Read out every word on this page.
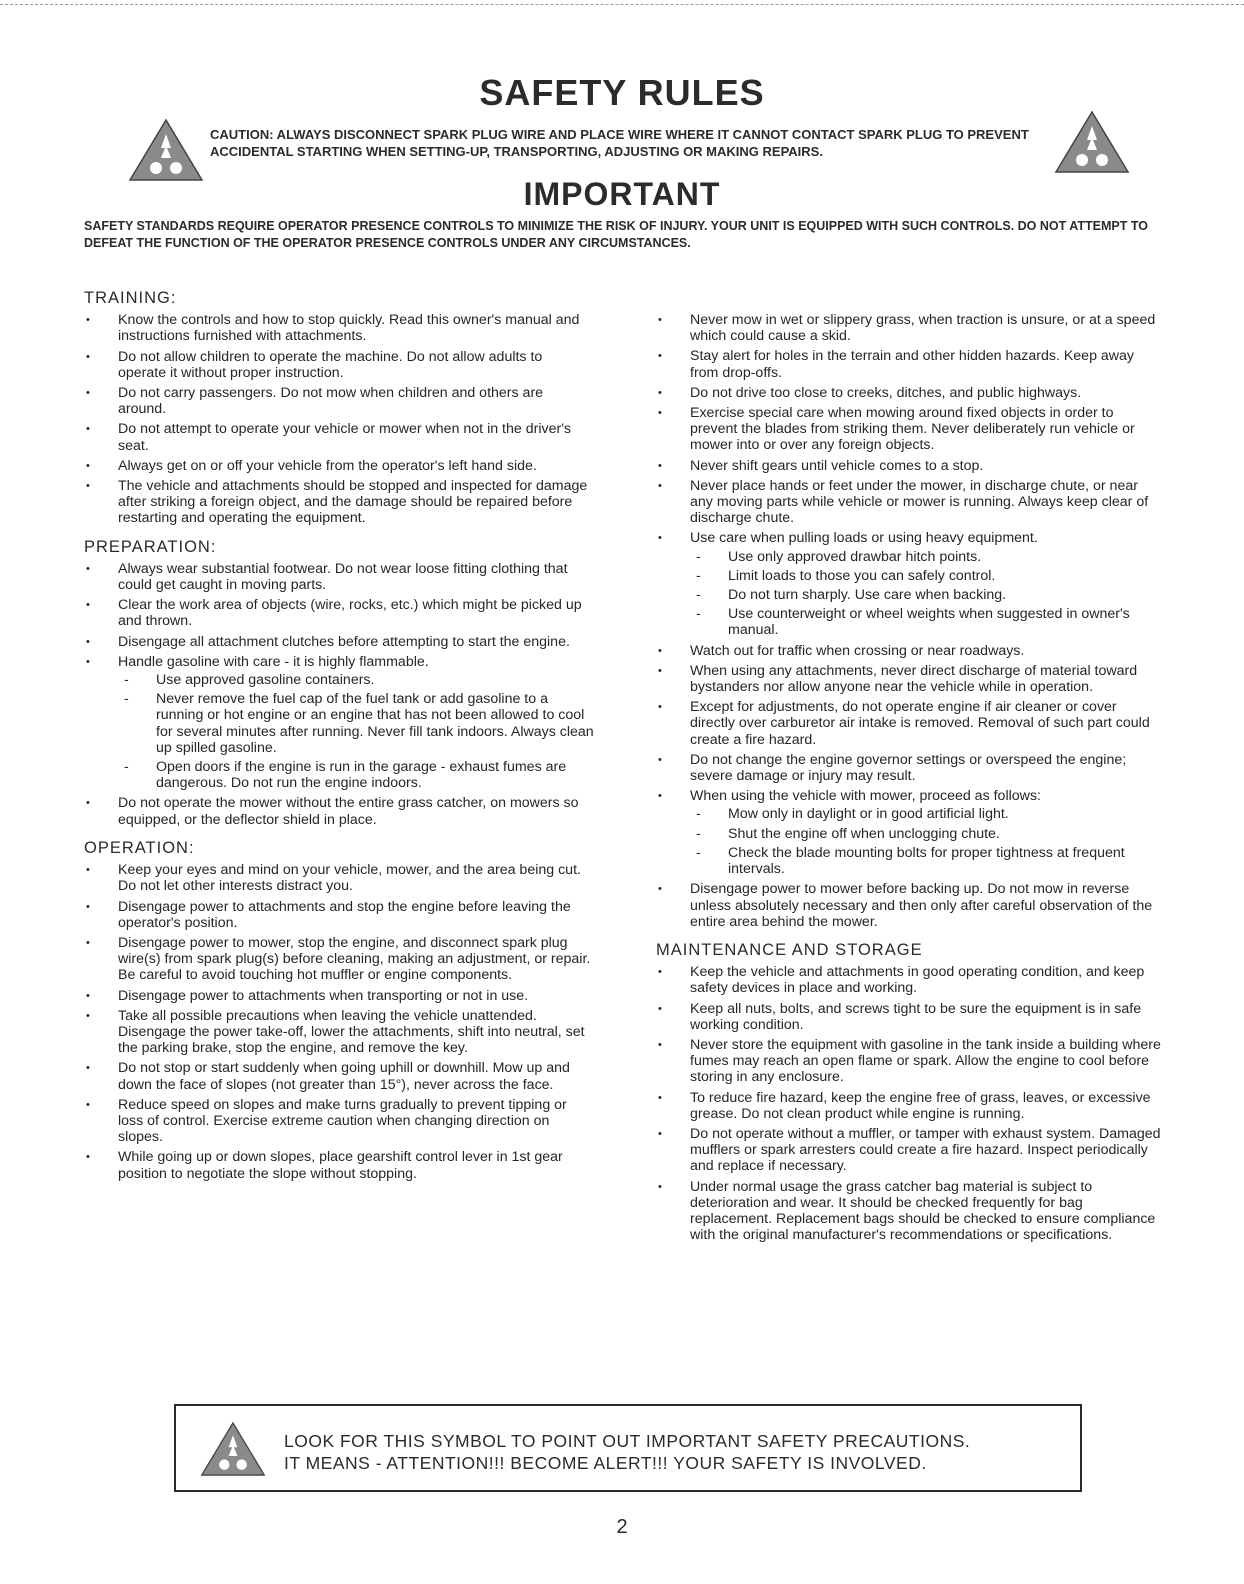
SAFETY RULES
CAUTION: ALWAYS DISCONNECT SPARK PLUG WIRE AND PLACE WIRE WHERE IT CANNOT CONTACT SPARK PLUG TO PREVENT ACCIDENTAL STARTING WHEN SETTING-UP, TRANSPORTING, ADJUSTING OR MAKING REPAIRS.
IMPORTANT
SAFETY STANDARDS REQUIRE OPERATOR PRESENCE CONTROLS TO MINIMIZE THE RISK OF INJURY. YOUR UNIT IS EQUIPPED WITH SUCH CONTROLS. DO NOT ATTEMPT TO DEFEAT THE FUNCTION OF THE OPERATOR PRESENCE CONTROLS UNDER ANY CIRCUMSTANCES.
TRAINING:
• Know the controls and how to stop quickly. Read this owner's manual and instructions furnished with attachments.
• Do not allow children to operate the machine. Do not allow adults to operate it without proper instruction.
• Do not carry passengers. Do not mow when children and others are around.
• Do not attempt to operate your vehicle or mower when not in the driver's seat.
• Always get on or off your vehicle from the operator's left hand side.
• The vehicle and attachments should be stopped and inspected for damage after striking a foreign object, and the damage should be repaired before restarting and operating the equipment.
PREPARATION:
• Always wear substantial footwear. Do not wear loose fitting clothing that could get caught in moving parts.
• Clear the work area of objects (wire, rocks, etc.) which might be picked up and thrown.
• Disengage all attachment clutches before attempting to start the engine.
• Handle gasoline with care - it is highly flammable.
- Use approved gasoline containers.
- Never remove the fuel cap of the fuel tank or add gasoline to a running or hot engine or an engine that has not been allowed to cool for several minutes after running. Never fill tank indoors. Always clean up spilled gasoline.
- Open doors if the engine is run in the garage - exhaust fumes are dangerous. Do not run the engine indoors.
• Do not operate the mower without the entire grass catcher, on mowers so equipped, or the deflector shield in place.
OPERATION:
• Keep your eyes and mind on your vehicle, mower, and the area being cut. Do not let other interests distract you.
• Disengage power to attachments and stop the engine before leaving the operator's position.
• Disengage power to mower, stop the engine, and disconnect spark plug wire(s) from spark plug(s) before cleaning, making an adjustment, or repair. Be careful to avoid touching hot muffler or engine components.
• Disengage power to attachments when transporting or not in use.
• Take all possible precautions when leaving the vehicle unattended. Disengage the power take-off, lower the attachments, shift into neutral, set the parking brake, stop the engine, and remove the key.
• Do not stop or start suddenly when going uphill or downhill. Mow up and down the face of slopes (not greater than 15°), never across the face.
• Reduce speed on slopes and make turns gradually to prevent tipping or loss of control. Exercise extreme caution when changing direction on slopes.
• While going up or down slopes, place gearshift control lever in 1st gear position to negotiate the slope without stopping.
• Never mow in wet or slippery grass, when traction is unsure, or at a speed which could cause a skid.
• Stay alert for holes in the terrain and other hidden hazards. Keep away from drop-offs.
• Do not drive too close to creeks, ditches, and public highways.
• Exercise special care when mowing around fixed objects in order to prevent the blades from striking them. Never deliberately run vehicle or mower into or over any foreign objects.
• Never shift gears until vehicle comes to a stop.
• Never place hands or feet under the mower, in discharge chute, or near any moving parts while vehicle or mower is running. Always keep clear of discharge chute.
• Use care when pulling loads or using heavy equipment.
- Use only approved drawbar hitch points.
- Limit loads to those you can safely control.
- Do not turn sharply. Use care when backing.
- Use counterweight or wheel weights when suggested in owner's manual.
• Watch out for traffic when crossing or near roadways.
• When using any attachments, never direct discharge of material toward bystanders nor allow anyone near the vehicle while in operation.
• Except for adjustments, do not operate engine if air cleaner or cover directly over carburetor air intake is removed. Removal of such part could create a fire hazard.
• Do not change the engine governor settings or overspeed the engine; severe damage or injury may result.
• When using the vehicle with mower, proceed as follows:
- Mow only in daylight or in good artificial light.
- Shut the engine off when unclogging chute.
- Check the blade mounting bolts for proper tightness at frequent intervals.
• Disengage power to mower before backing up. Do not mow in reverse unless absolutely necessary and then only after careful observation of the entire area behind the mower.
MAINTENANCE AND STORAGE
• Keep the vehicle and attachments in good operating condition, and keep safety devices in place and working.
• Keep all nuts, bolts, and screws tight to be sure the equipment is in safe working condition.
• Never store the equipment with gasoline in the tank inside a building where fumes may reach an open flame or spark. Allow the engine to cool before storing in any enclosure.
• To reduce fire hazard, keep the engine free of grass, leaves, or excessive grease. Do not clean product while engine is running.
• Do not operate without a muffler, or tamper with exhaust system. Damaged mufflers or spark arresters could create a fire hazard. Inspect periodically and replace if necessary.
• Under normal usage the grass catcher bag material is subject to deterioration and wear. It should be checked frequently for bag replacement. Replacement bags should be checked to ensure compliance with the original manufacturer's recommendations or specifications.
LOOK FOR THIS SYMBOL TO POINT OUT IMPORTANT SAFETY PRECAUTIONS.
IT MEANS - ATTENTION!!! BECOME ALERT!!! YOUR SAFETY IS INVOLVED.
2
